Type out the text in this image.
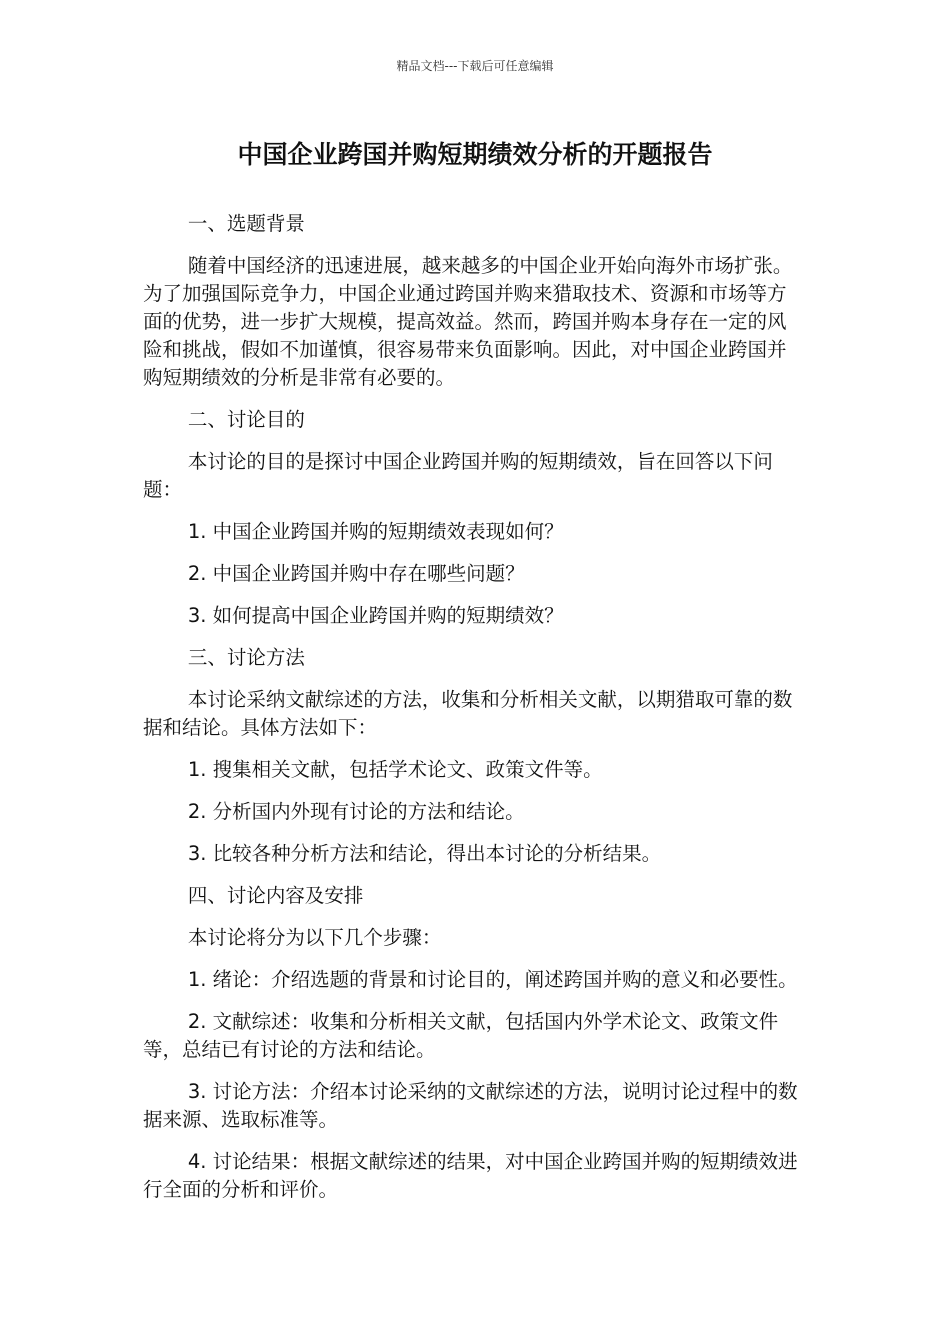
精品文档---下载后可任意编辑
中国企业跨国并购短期绩效分析的开题报告

一、选题背景

随着中国经济的迅速进展，越来越多的中国企业开始向海外市场扩张。为了加强国际竞争力，中国企业通过跨国并购来猎取技术、资源和市场等方面的优势，进一步扩大规模，提高效益。然而，跨国并购本身存在一定的风险和挑战，假如不加谨慎，很容易带来负面影响。因此，对中国企业跨国并购短期绩效的分析是非常有必要的。

二、讨论目的

本讨论的目的是探讨中国企业跨国并购的短期绩效，旨在回答以下问题：

1. 中国企业跨国并购的短期绩效表现如何？

2. 中国企业跨国并购中存在哪些问题？

3. 如何提高中国企业跨国并购的短期绩效？

三、讨论方法

本讨论采纳文献综述的方法，收集和分析相关文献，以期猎取可靠的数据和结论。具体方法如下：

1. 搜集相关文献，包括学术论文、政策文件等。

2. 分析国内外现有讨论的方法和结论。

3. 比较各种分析方法和结论，得出本讨论的分析结果。

四、讨论内容及安排

本讨论将分为以下几个步骤：

1. 绪论：介绍选题的背景和讨论目的，阐述跨国并购的意义和必要性。

2. 文献综述：收集和分析相关文献，包括国内外学术论文、政策文件等，总结已有讨论的方法和结论。

3. 讨论方法：介绍本讨论采纳的文献综述的方法，说明讨论过程中的数据来源、选取标准等。

4. 讨论结果：根据文献综述的结果，对中国企业跨国并购的短期绩效进行全面的分析和评价。
